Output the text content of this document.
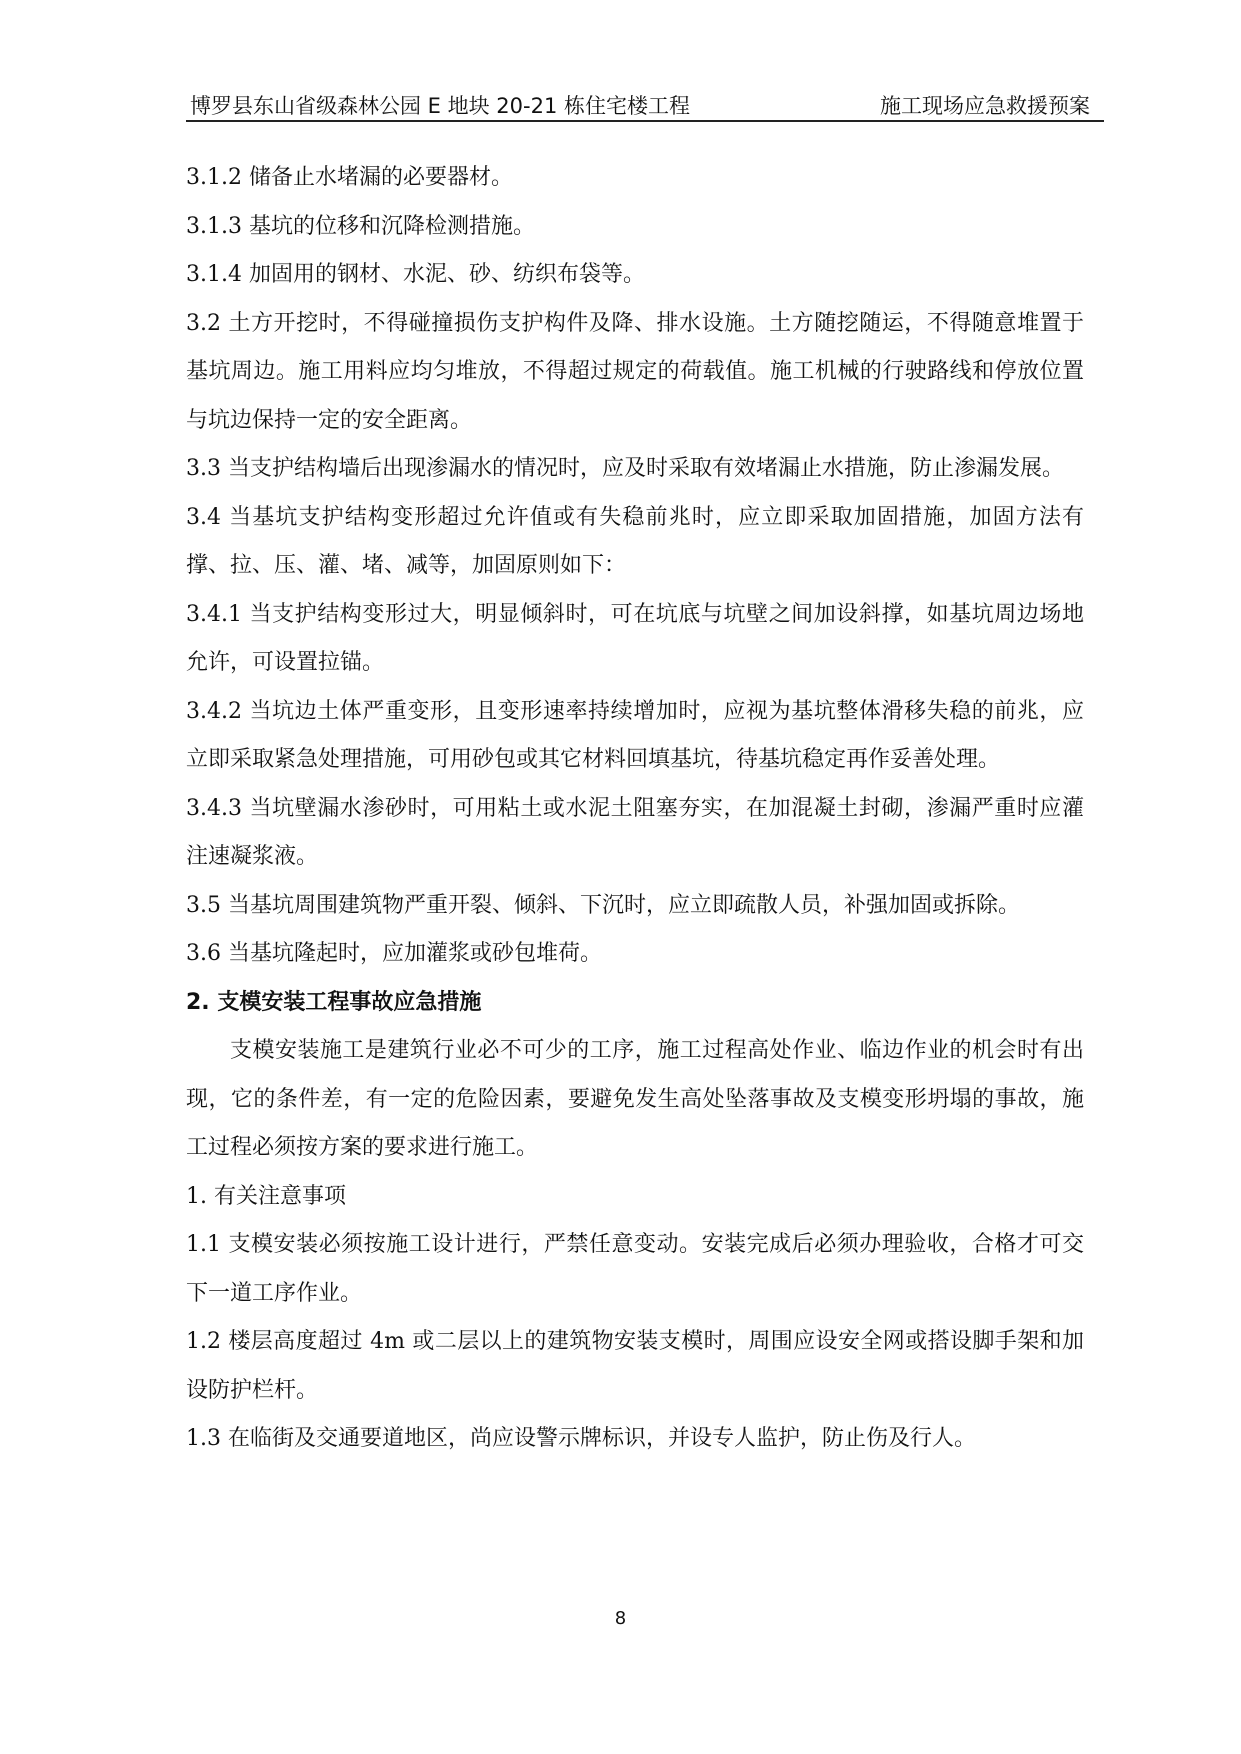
博罗县东山省级森林公园 E 地块 20-21 栋住宅楼工程	施工现场应急救援预案

3.1.2 储备止水堵漏的必要器材。

3.1.3 基坑的位移和沉降检测措施。

3.1.4 加固用的钢材、水泥、砂、纺织布袋等。

3.2 土方开挖时，不得碰撞损伤支护构件及降、排水设施。土方随挖随运，不得随意堆置于基坑周边。施工用料应均匀堆放，不得超过规定的荷载值。施工机械的行驶路线和停放位置与坑边保持一定的安全距离。

3.3 当支护结构墙后出现渗漏水的情况时，应及时采取有效堵漏止水措施，防止渗漏发展。

3.4 当基坑支护结构变形超过允许值或有失稳前兆时，应立即采取加固措施，加固方法有撑、拉、压、灌、堵、减等，加固原则如下：

3.4.1 当支护结构变形过大，明显倾斜时，可在坑底与坑壁之间加设斜撑，如基坑周边场地允许，可设置拉锚。

3.4.2 当坑边土体严重变形，且变形速率持续增加时，应视为基坑整体滑移失稳的前兆，应立即采取紧急处理措施，可用砂包或其它材料回填基坑，待基坑稳定再作妥善处理。

3.4.3 当坑壁漏水渗砂时，可用粘土或水泥土阻塞夯实，在加混凝土封砌，渗漏严重时应灌注速凝浆液。

3.5 当基坑周围建筑物严重开裂、倾斜、下沉时，应立即疏散人员，补强加固或拆除。

3.6 当基坑隆起时，应加灌浆或砂包堆荷。

2. 支模安装工程事故应急措施

支模安装施工是建筑行业必不可少的工序，施工过程高处作业、临边作业的机会时有出现，它的条件差，有一定的危险因素，要避免发生高处坠落事故及支模变形坍塌的事故，施工过程必须按方案的要求进行施工。

1. 有关注意事项

1.1 支模安装必须按施工设计进行，严禁任意变动。安装完成后必须办理验收，合格才可交下一道工序作业。

1.2 楼层高度超过 4m 或二层以上的建筑物安装支模时，周围应设安全网或搭设脚手架和加设防护栏杆。

1.3 在临街及交通要道地区，尚应设警示牌标识，并设专人监护，防止伤及行人。

8
